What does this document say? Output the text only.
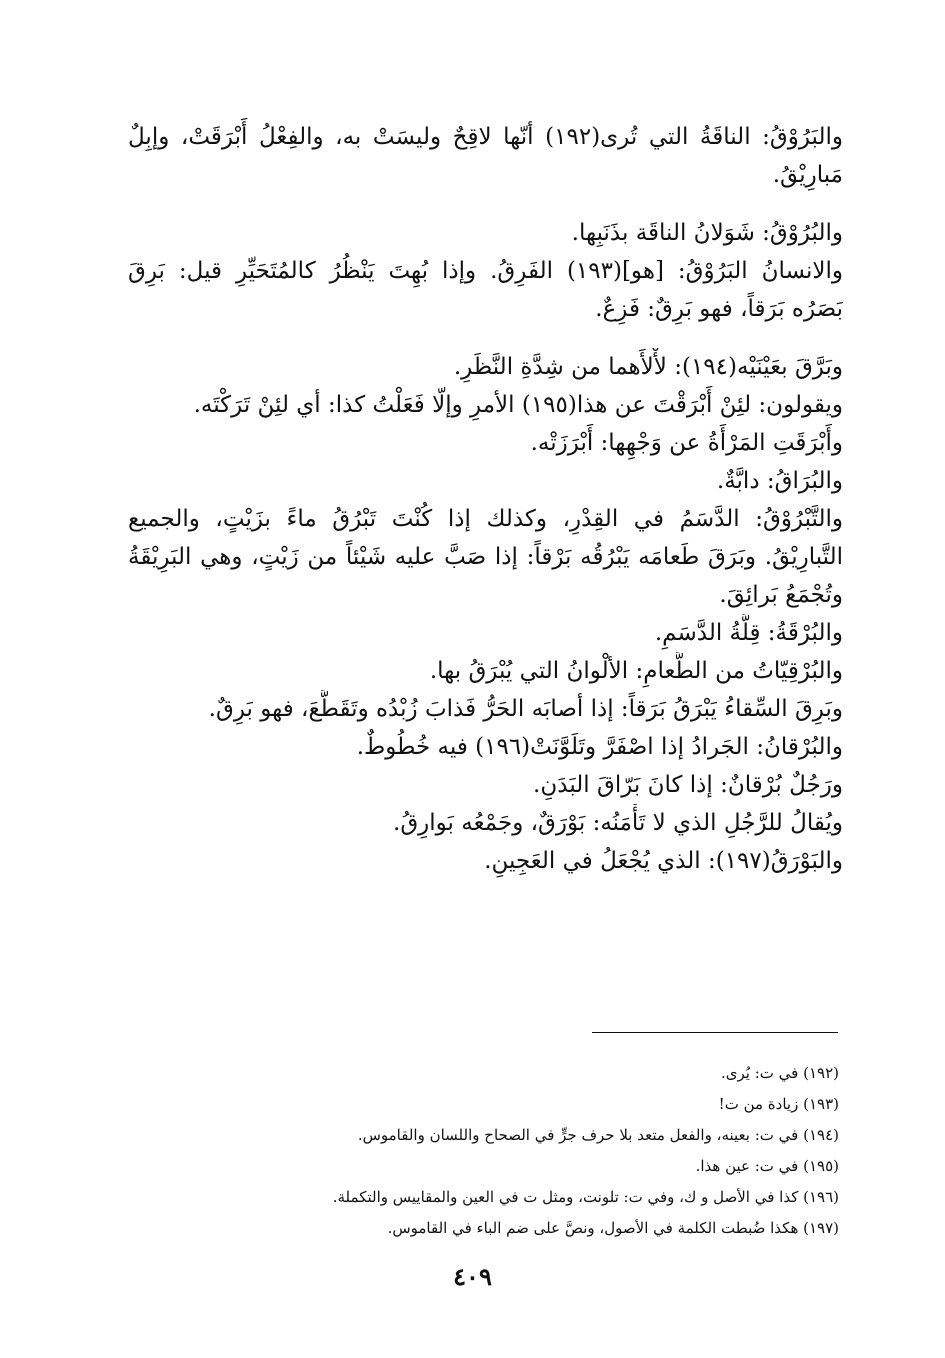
والبَرُوْقُ: الناقَةُ التي تُرى(١٩٢) أنّها لاقِحٌ وليسَتْ به، والفِعْلُ أَبْرَقَتْ، وإبِلٌ
مَبارِيْقُ.
والبُرُوْقُ: شَوَلانُ الناقَة بذَنَبِها.
والانسانُ البَرُوْقُ: [هو](١٩٣) الفَرِقُ. وإذا بُهِتَ يَنْظُرُ كالمُتَحَيِّرِ قيل: بَرِقَ
بَصَرُه بَرَقاً، فهو بَرِقٌ: فَزِعٌ.
وبَرَّقَ بعَيْنَيْه(١٩٤): لأْلأَهما من شِدَّةِ النَّظَرِ.
ويقولون: لئِنْ أَبْرَقْتَ عن هذا(١٩٥) الأمرِ وإلّا فَعَلْتُ كذا: أي لئِنْ تَرَكْتَه.
وأَبْرَقَتِ المَرْأَةُ عن وَجْهِها: أَبْرَزَتْه.
والبُرَاقُ: دابَّةٌ.
والتَّبْرُوْقُ: الدَّسَمُ في القِدْرِ، وكذلك إذا كُنْتَ تَبْرُقُ ماءً بزَيْتٍ، والجميع
التَّبارِيْقُ. وبَرَقَ طَعامَه يَبْرُقُه بَرْقاً: إذا صَبَّ عليه شَيْئاً من زَيْتٍ، وهي البَرِيْقَةُ
وتُجْمَعُ بَرائِقَ.
والبُرْقَةُ: قِلَّةُ الدَّسَمِ.
والبُرْقِيّاتُ من الطَّعامِ: الألْوانُ التي يُبْرَقُ بها.
وبَرِقَ السِّقاءُ يَبْرَقُ بَرَقاً: إذا أصابَه الحَرُّ فَذابَ زُبْدُه وتَقَطَّعَ، فهو بَرِقٌ.
والبُرْقانُ: الجَرادُ إذا اصْفَرَّ وتَلَوَّنَتْ(١٩٦) فيه خُطُوطٌ.
ورَجُلٌ بُرْقانٌ: إذا كانَ بَرّاقَ البَدَنِ.
ويُقالُ للرَّجُلِ الذي لا تَأْمَنُه: بَوْرَقٌ، وجَمْعُه بَوارِقُ.
والبَوْرَقُ(١٩٧): الذي يُجْعَلُ في العَجِينِ.
(١٩٢) في ت: يُرى.
(١٩٣) زيادة من ت!
(١٩٤) في ت: بعينه، والفعل متعد بلا حرف جرٍّ في الصحاح واللسان والقاموس.
(١٩٥) في ت: عين هذا.
(١٩٦) كذا في الأصل و ك، وفي ت: تلونت، ومثل ت في العين والمقاييس والتكملة.
(١٩٧) هكذا ضُبطت الكلمة في الأصول، ونصَّ على ضم الباء في القاموس.
٤٠٩
